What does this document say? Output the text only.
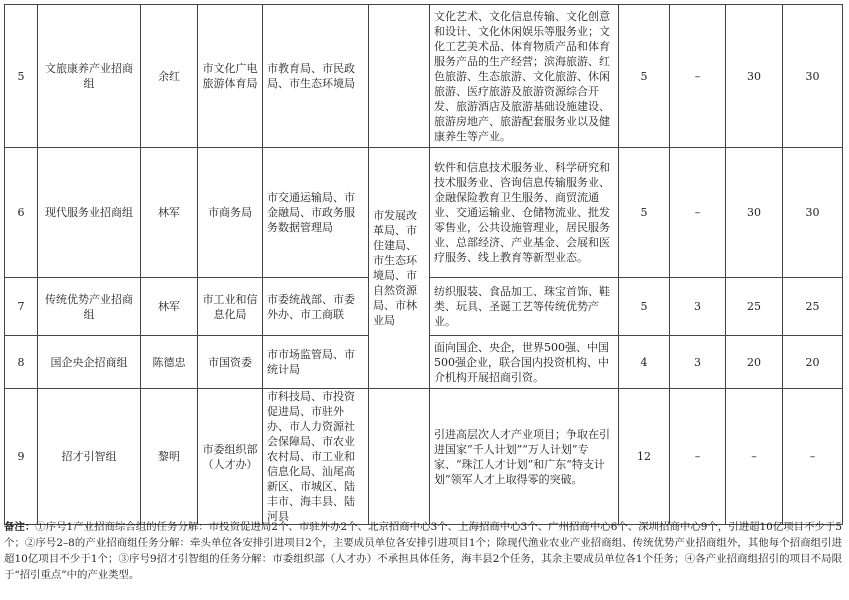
5	文旅康养产业招商组	余红	市文化广电旅游体育局	市教育局、市民政局、市生态环境局		文化艺术、文化信息传输、文化创意和设计、文化休闲娱乐等服务业；文化工艺美术品、体育物质产品和体育服务产品的生产经营；滨海旅游、红色旅游、生态旅游、文化旅游、休闲旅游、医疗旅游及旅游资源综合开发、旅游酒店及旅游基础设施建设、旅游房地产、旅游配套服务业以及健康养生等产业。	5	–	30	30
6	现代服务业招商组	林军	市商务局	市交通运输局、市金融局、市政务服务数据管理局	市发展改革局、市住建局、市生态环境局、市自然资源局、市林业局	软件和信息技术服务业、科学研究和技术服务业、咨询信息传输服务业、金融保险教育卫生服务、商贸流通业、交通运输业、仓储物流业、批发零售业，公共设施管理业，居民服务业、总部经济、产业基金、会展和医疗服务、线上教育等新型业态。	5	–	30	30
7	传统优势产业招商组	林军	市工业和信息化局	市委统战部、市委外办、市工商联		纺织服装、食品加工、珠宝首饰、鞋类、玩具、圣诞工艺等传统优势产业。	5	3	25	25
8	国企央企招商组	陈德忠	市国资委	市市场监管局、市统计局		面向国企、央企，世界500强、中国500强企业，联合国内投资机构、中介机构开展招商引资。	4	3	20	20
9	招才引智组	黎明	市委组织部（人才办）	市科技局、市投资促进局、市驻外办、市人力资源社会保障局、市农业农村局、市工业和信息化局、汕尾高新区、市城区、陆丰市、海丰县、陆河县		引进高层次人才产业项目；争取在引进国家“千人计划”“万人计划”专家、“珠江人才计划”和广东“特支计划”领军人才上取得零的突破。	12	–	–	–
备注：①序号1产业招商综合组的任务分解：市投资促进局2个、市驻外办2个、北京招商中心3个、上海招商中心3个、广州招商中心6个、深圳招商中心9个，引进超10亿项目不少于5个；②序号2–8的产业招商组任务分解：牵头单位各安排引进项目2个，主要成员单位各安排引进项目1个；除现代渔业农业产业招商组、传统优势产业招商组外，其他每个招商组引进超10亿项目不少于1个；③序号9招才引智组的任务分解：市委组织部（人才办）不承担具体任务，海丰县2个任务，其余主要成员单位各1个任务；④各产业招商组招引的项目不局限于“招引重点”中的产业类型。
